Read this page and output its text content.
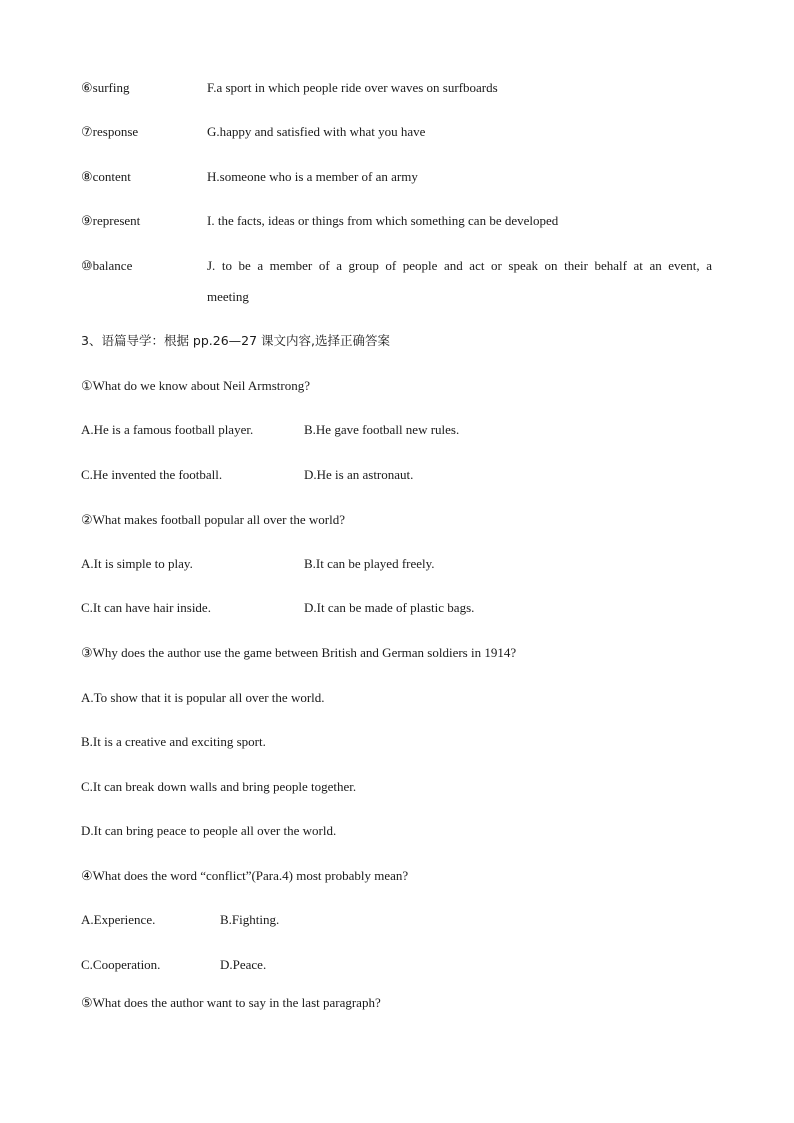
⑥surfing	F.a sport in which people ride over waves on surfboards
⑦response	G.happy and satisfied with what you have
⑧content	H.someone who is a member of an army
⑨represent	I. the facts, ideas or things from which something can be developed
⑩balance	J. to be a member of a group of people and act or speak on their behalf at an event, a
meeting
3、语篇导学：根据 pp.26—27 课文内容,选择正确答案
①What do we know about Neil Armstrong?
A.He is a famous football player.	B.He gave football new rules.
C.He invented the football.	D.He is an astronaut.
②What makes football popular all over the world?
A.It is simple to play.	B.It can be played freely.
C.It can have hair inside.	D.It can be made of plastic bags.
③Why does the author use the game between British and German soldiers in 1914?
A.To show that it is popular all over the world.
B.It is a creative and exciting sport.
C.It can break down walls and bring people together.
D.It can bring peace to people all over the world.
④What does the word “conflict”(Para.4) most probably mean?
A.Experience.	B.Fighting.
C.Cooperation.	D.Peace.
⑤What does the author want to say in the last paragraph?
